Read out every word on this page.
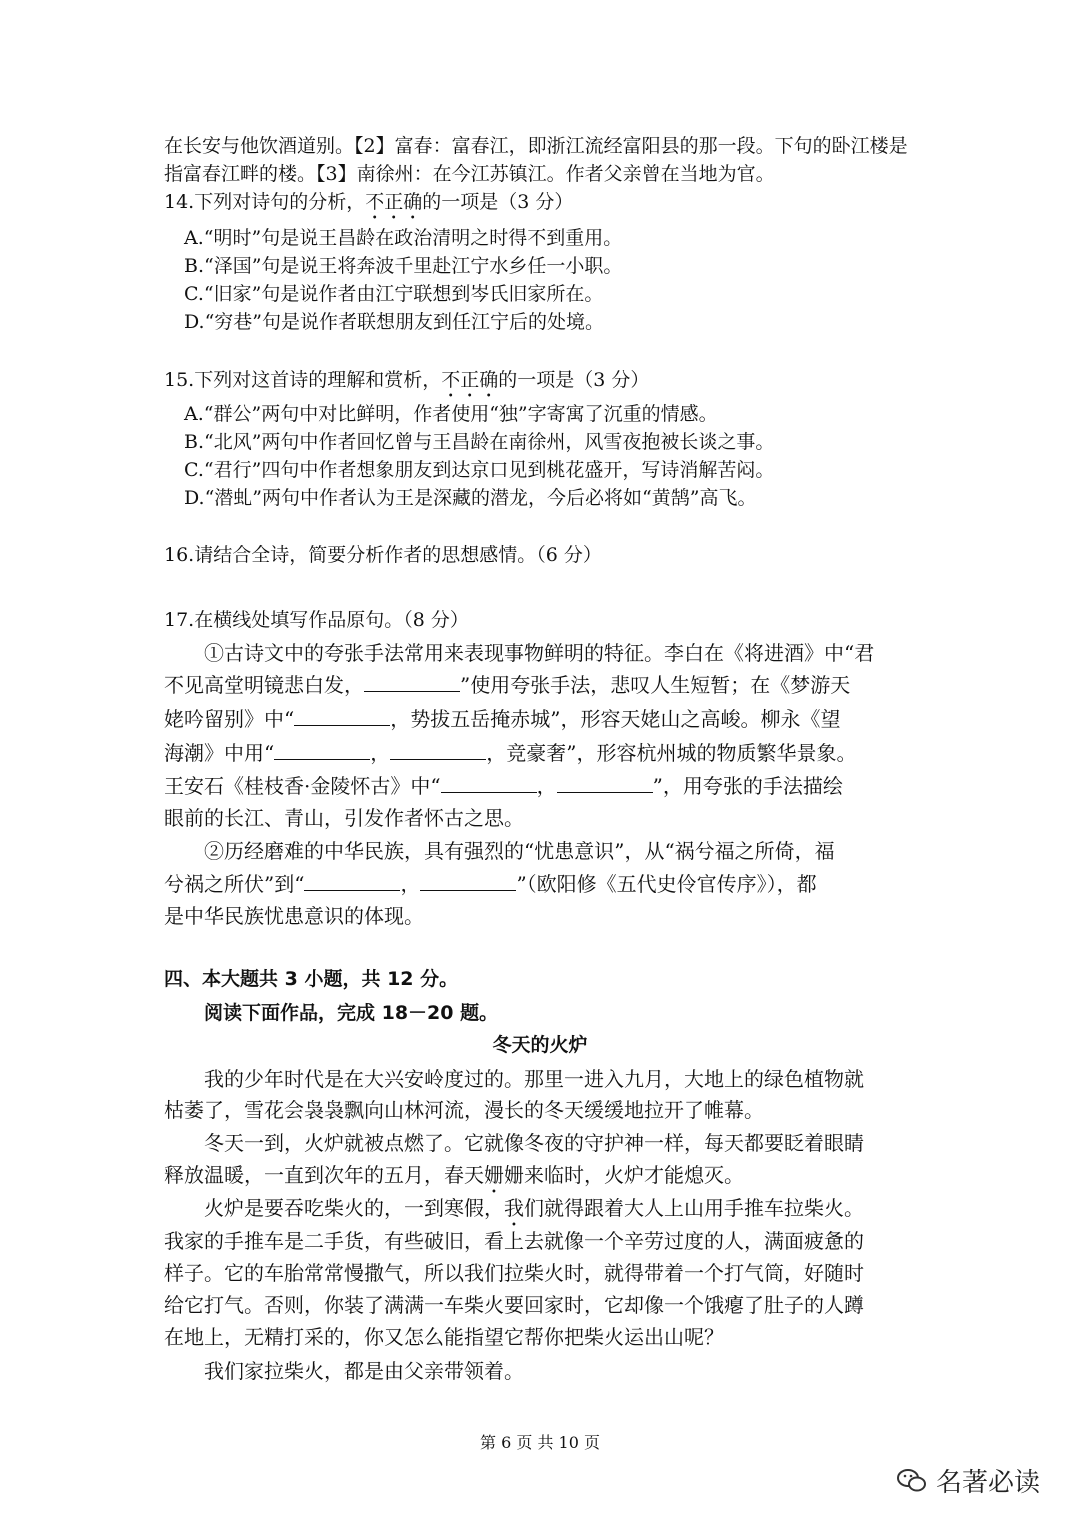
在长安与他饮酒道别。【2】富春：富春江，即浙江流经富阳县的那一段。下句的卧江楼是
指富春江畔的楼。【3】南徐州：在今江苏镇江。作者父亲曾在当地为官。
14.下列对诗句的分析，不正确的一项是（3 分）
A.“明时”句是说王昌龄在政治清明之时得不到重用。
B.“泽国”句是说王将奔波千里赴江宁水乡任一小职。
C.“旧家”句是说作者由江宁联想到岑氏旧家所在。
D.“穷巷”句是说作者联想朋友到任江宁后的处境。
15.下列对这首诗的理解和赏析，不正确的一项是（3 分）
A.“群公”两句中对比鲜明，作者使用“独”字寄寓了沉重的情感。
B.“北风”两句中作者回忆曾与王昌龄在南徐州，风雪夜抱被长谈之事。
C.“君行”四句中作者想象朋友到达京口见到桃花盛开，写诗消解苦闷。
D.“潜虬”两句中作者认为王是深藏的潜龙，今后必将如“黄鹄”高飞。
16.请结合全诗，简要分析作者的思想感情。（6 分）
17.在横线处填写作品原句。（8 分）
①古诗文中的夸张手法常用来表现事物鲜明的特征。李白在《将进酒》中“君
不见高堂明镜悲白发，	”使用夸张手法，悲叹人生短暂；在《梦游天
姥吟留别》中“	，势拔五岳掩赤城”，形容天姥山之高峻。柳永《望
海潮》中用“	，	，竞豪奢”，形容杭州城的物质繁华景象。
王安石《桂枝香·金陵怀古》中“	，	”，用夸张的手法描绘
眼前的长江、青山，引发作者怀古之思。
②历经磨难的中华民族，具有强烈的“忧患意识”，从“祸兮福之所倚，福
兮祸之所伏”到“	，	”（欧阳修《五代史伶官传序》），都
是中华民族忧患意识的体现。
四、本大题共 3 小题，共 12 分。
阅读下面作品，完成 18－20 题。
冬天的火炉
我的少年时代是在大兴安岭度过的。那里一进入九月，大地上的绿色植物就
枯萎了，雪花会袅袅飘向山林河流，漫长的冬天缓缓地拉开了帷幕。
冬天一到，火炉就被点燃了。它就像冬夜的守护神一样，每天都要眨着眼睛
释放温暖，一直到次年的五月，春天姗姗来临时，火炉才能熄灭。
火炉是要吞吃柴火的，一到寒假，我们就得跟着大人上山用手推车拉柴火。
我家的手推车是二手货，有些破旧，看上去就像一个辛劳过度的人，满面疲惫的
样子。它的车胎常常慢撒气，所以我们拉柴火时，就得带着一个打气筒，好随时
给它打气。否则，你装了满满一车柴火要回家时，它却像一个饿瘪了肚子的人蹲
在地上，无精打采的，你又怎么能指望它帮你把柴火运出山呢？
我们家拉柴火，都是由父亲带领着。
第 6 页 共 10 页
名著必读
